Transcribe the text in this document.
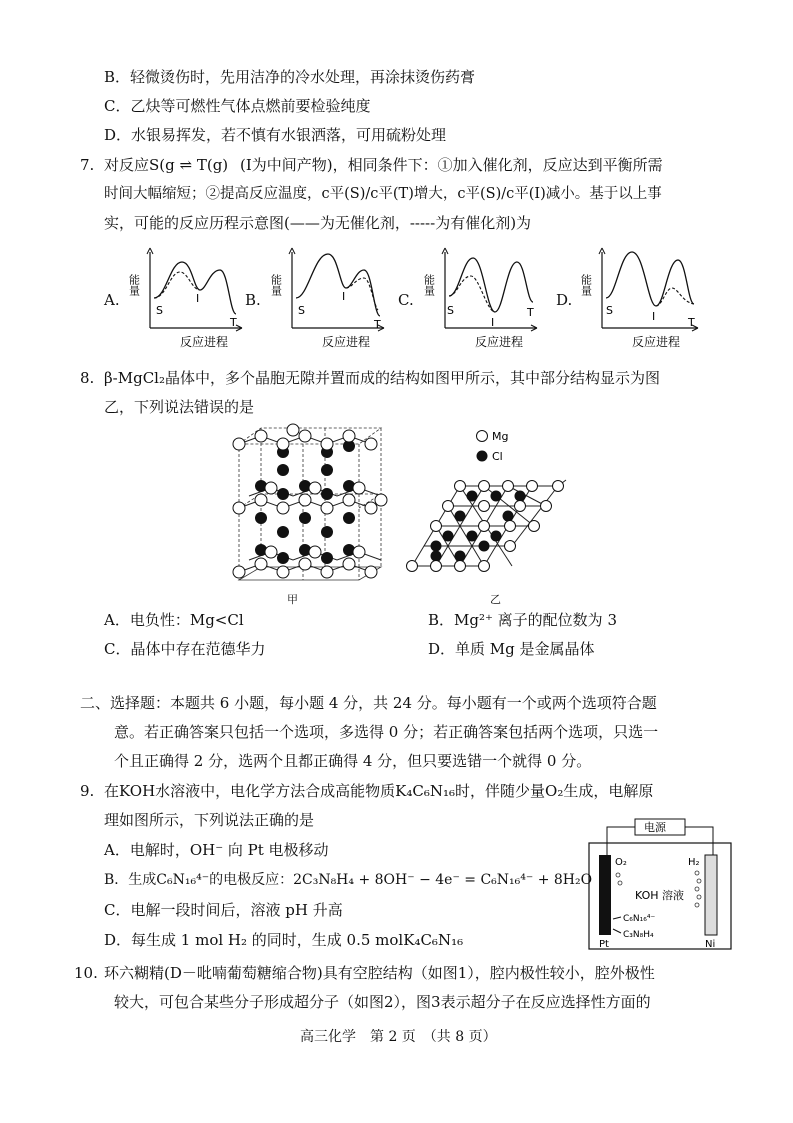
B．轻微烫伤时，先用洁净的冷水处理，再涂抹烫伤药膏
C．乙炔等可燃性气体点燃前要检验纯度
D．水银易挥发，若不慎有水银洒落，可用硫粉处理
7. 对反应S(g ⇌ T(g) (I为中间产物)，相同条件下：①加入催化剂，反应达到平衡所需
时间大幅缩短；②提高反应温度，c平(S)/c平(T)增大，c平(S)/c平(I)减小。基于以上事
实，可能的反应历程示意图(——为无催化剂，-----为有催化剂)为
A.	B.	C.	D.
能量
S
I
T
反应进程
能量
S
I
T
反应进程
能量
S
I
T
反应进程
能量
S	I	T
反应进程
8. β-MgCl₂晶体中，多个晶胞无隙并置而成的结构如图甲所示，其中部分结构显示为图
乙，下列说法错误的是
甲
Mg
Cl
乙
A．电负性：Mg<Cl	B．Mg²⁺ 离子的配位数为 3
C．晶体中存在范德华力	D．单质 Mg 是金属晶体
二、选择题：本题共 6 小题，每小题 4 分，共 24 分。每小题有一个或两个选项符合题
意。若正确答案只包括一个选项，多选得 0 分；若正确答案包括两个选项，只选一
个且正确得 2 分，选两个且都正确得 4 分，但只要选错一个就得 0 分。
9. 在KOH水溶液中，电化学方法合成高能物质K₄C₆N₁₆时，伴随少量O₂生成，电解原
理如图所示，下列说法正确的是
A．电解时，OH⁻ 向 Pt 电极移动
B．生成C₆N₁₆⁴⁻的电极反应：2C₃N₈H₄ + 8OH⁻ − 4e⁻ = C₆N₁₆⁴⁻ + 8H₂O
C．电解一段时间后，溶液 pH 升高
D．每生成 1 mol H₂ 的同时，生成 0.5 molK₄C₆N₁₆
电源
O₂	H₂
KOH 溶液
C₆N₁₆⁴⁻
C₃N₈H₄
Pt	Ni
10. 环六糊精(D－吡喃葡萄糖缩合物)具有空腔结构（如图1），腔内极性较小，腔外极性
较大，可包合某些分子形成超分子（如图2），图3表示超分子在反应选择性方面的
高三化学　第 2 页　（共 8 页）
